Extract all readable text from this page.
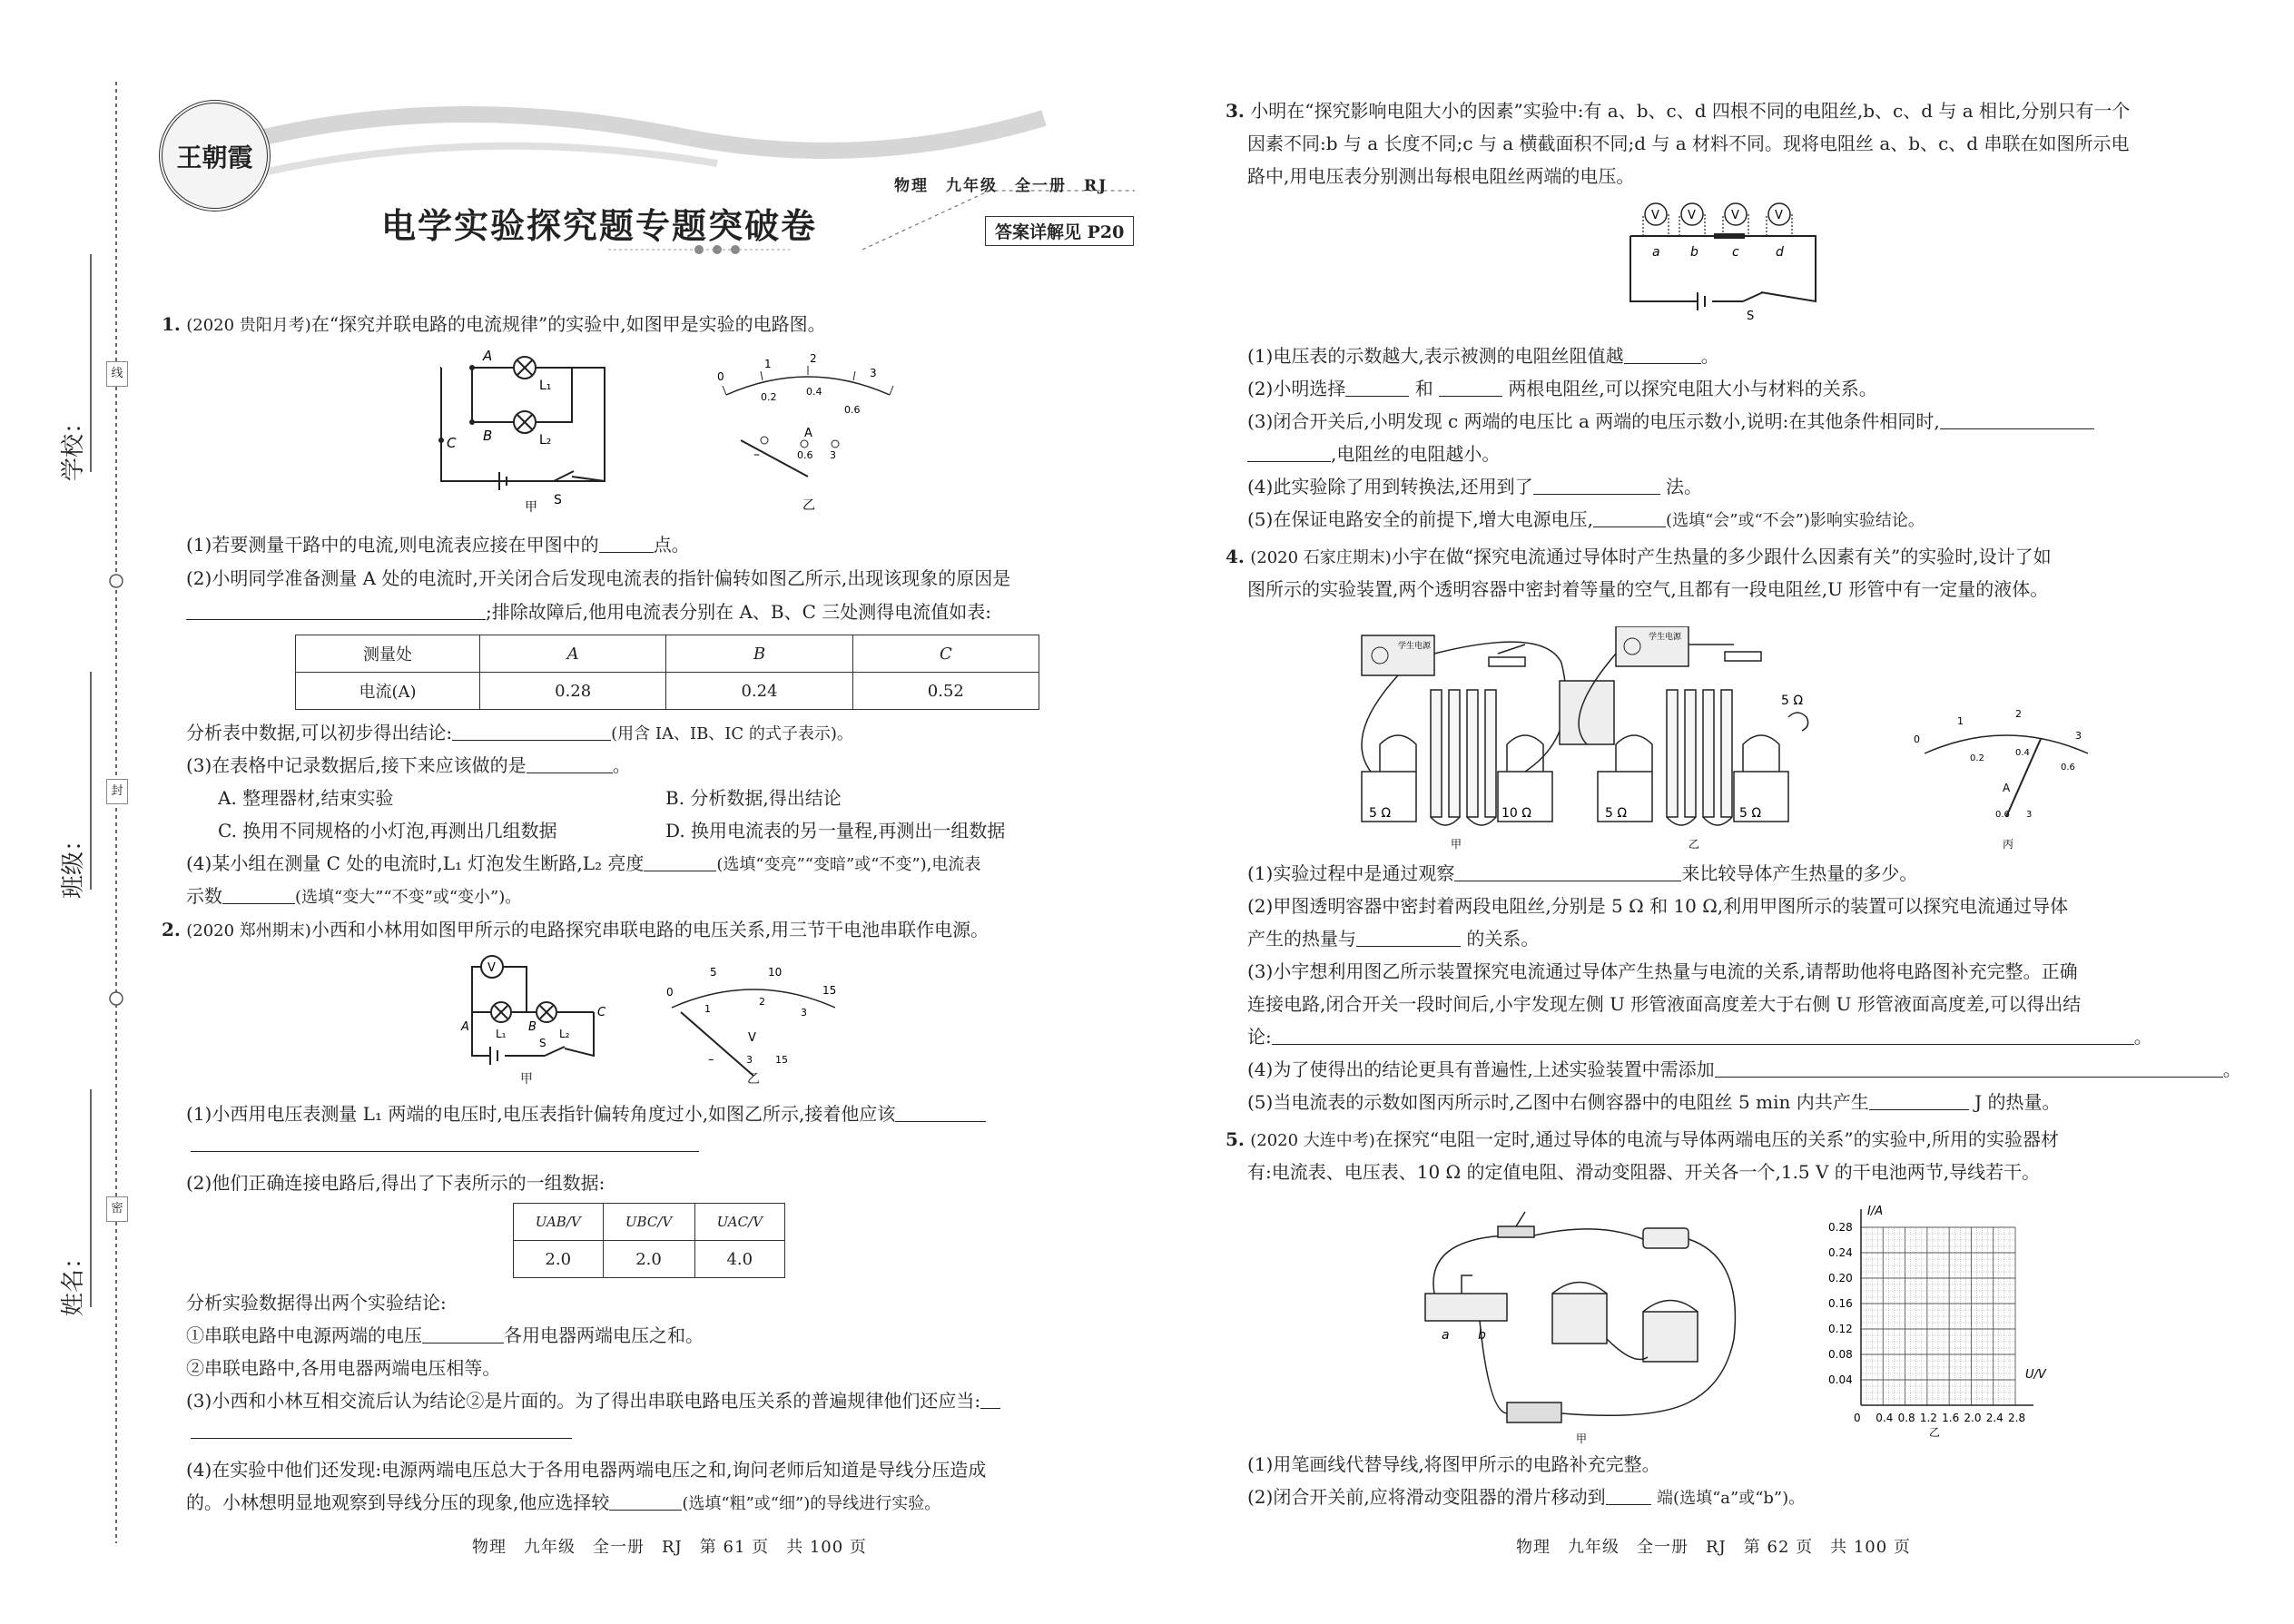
线
封
密
学校：
班级：
姓名：
王朝霞
物理　九年级　全一册　RJ
电学实验探究题专题突破卷	答案详解见 P20
1. (2020 贵阳月考)在“探究并联电路的电流规律”的实验中,如图甲是实验的电路图。
A
B
C
L₁
L₂
S
甲
0
1	2
3
0.2	0.4
0.6
A
–	0.6 3
乙
(1)若要测量干路中的电流,则电流表应接在甲图中的	点。
(2)小明同学准备测量 A 处的电流时,开关闭合后发现电流表的指针偏转如图乙所示,出现该现象的原因是
;排除故障后,他用电流表分别在 A、B、C 三处测得电流值如表:
测量处	A	B	C
电流(A)	0.28	0.24	0.52
分析表中数据,可以初步得出结论:	(用含 IA、IB、IC 的式子表示)。
(3)在表格中记录数据后,接下来应该做的是	。
A. 整理器材,结束实验	B. 分析数据,得出结论
C. 换用不同规格的小灯泡,再测出几组数据	D. 换用电流表的另一量程,再测出一组数据
(4)某小组在测量 C 处的电流时,L₁ 灯泡发生断路,L₂ 亮度	(选填“变亮”“变暗”或“不变”),电流表
示数	(选填“变大”“不变”或“变小”)。
2. (2020 郑州期末)小西和小林用如图甲所示的电路探究串联电路的电压关系,用三节干电池串联作电源。
V
A	B
C
L₁	L₂
S
甲
0
5	10
15
1
2
3
V
–	3 15
乙
(1)小西用电压表测量 L₁ 两端的电压时,电压表指针偏转角度过小,如图乙所示,接着他应该
(2)他们正确连接电路后,得出了下表所示的一组数据:
UAB/V	UBC/V	UAC/V
2.0	2.0	4.0
分析实验数据得出两个实验结论:
①串联电路中电源两端的电压	各用电器两端电压之和。
②串联电路中,各用电器两端电压相等。
(3)小西和小林互相交流后认为结论②是片面的。为了得出串联电路电压关系的普遍规律他们还应当:
(4)在实验中他们还发现:电源两端电压总大于各用电器两端电压之和,询问老师后知道是导线分压造成
的。小林想明显地观察到导线分压的现象,他应选择较	(选填“粗”或“细”)的导线进行实验。
物理　九年级　全一册　RJ　第 61 页　共 100 页
3. 小明在“探究影响电阻大小的因素”实验中:有 a、b、c、d 四根不同的电阻丝,b、c、d 与 a 相比,分别只有一个
因素不同:b 与 a 长度不同;c 与 a 横截面积不同;d 与 a 材料不同。现将电阻丝 a、b、c、d 串联在如图所示电
路中,用电压表分别测出每根电阻丝两端的电压。
V V	V	V
a b	c	d
S
(1)电压表的示数越大,表示被测的电阻丝阻值越	。
(2)小明选择	和	两根电阻丝,可以探究电阻大小与材料的关系。
(3)闭合开关后,小明发现 c 两端的电压比 a 两端的电压示数小,说明:在其他条件相同时,
,电阻丝的电阻越小。
(4)此实验除了用到转换法,还用到了	法。
(5)在保证电路安全的前提下,增大电源电压,	(选填“会”或“不会”)影响实验结论。
4. (2020 石家庄期末)小宇在做“探究电流通过导体时产生热量的多少跟什么因素有关”的实验时,设计了如
图所示的实验装置,两个透明容器中密封着等量的空气,且都有一段电阻丝,U 形管中有一定量的液体。
学生电源
5 Ω	10 Ω
甲
学生电源
5 Ω
5 Ω	5 Ω
乙
0
1
2
3
0.2
0.4
0.6
A
0.6 3
丙
(1)实验过程中是通过观察	来比较导体产生热量的多少。
(2)甲图透明容器中密封着两段电阻丝,分别是 5 Ω 和 10 Ω,利用甲图所示的装置可以探究电流通过导体
产生的热量与	的关系。
(3)小宇想利用图乙所示装置探究电流通过导体产生热量与电流的关系,请帮助他将电路图补充完整。正确
连接电路,闭合开关一段时间后,小宇发现左侧 U 形管液面高度差大于右侧 U 形管液面高度差,可以得出结
论:	。
(4)为了使得出的结论更具有普遍性,上述实验装置中需添加	。
(5)当电流表的示数如图丙所示时,乙图中右侧容器中的电阻丝 5 min 内共产生	J 的热量。
5. (2020 大连中考)在探究“电阻一定时,通过导体的电流与导体两端电压的关系”的实验中,所用的实验器材
有:电流表、电压表、10 Ω 的定值电阻、滑动变阻器、开关各一个,1.5 V 的干电池两节,导线若干。
a b
甲
0 0.4 0.8 1.2 1.6 2.0 2.4 2.8
0.04
0.08
0.12
0.16
0.20
0.24
0.28
I/A
U/V
乙
(1)用笔画线代替导线,将图甲所示的电路补充完整。
(2)闭合开关前,应将滑动变阻器的滑片移动到	端(选填“a”或“b”)。
物理　九年级　全一册　RJ　第 62 页　共 100 页
